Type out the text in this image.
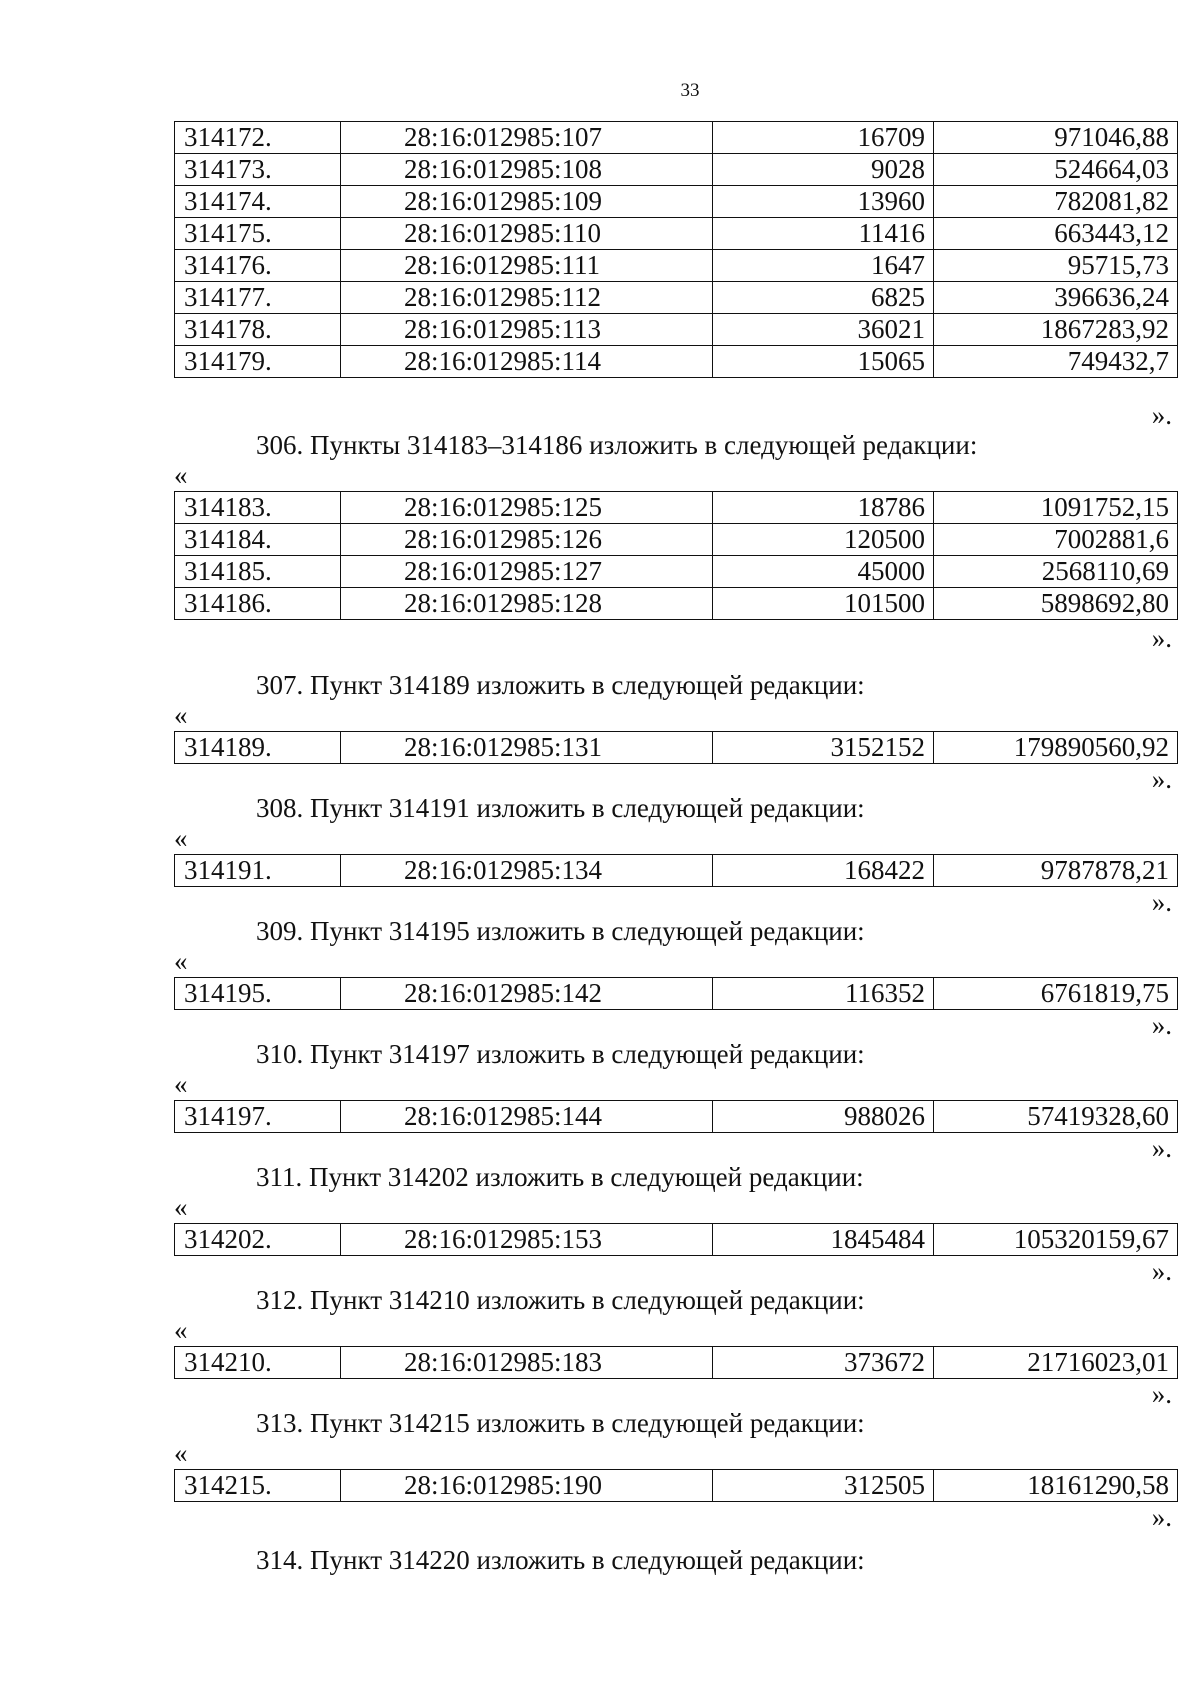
33
314172.	28:16:012985:107	16709	971046,88
314173.	28:16:012985:108	9028	524664,03
314174.	28:16:012985:109	13960	782081,82
314175.	28:16:012985:110	11416	663443,12
314176.	28:16:012985:111	1647	95715,73
314177.	28:16:012985:112	6825	396636,24
314178.	28:16:012985:113	36021	1867283,92
314179.	28:16:012985:114	15065	749432,7
».
306. Пункты 314183–314186 изложить в следующей редакции:
«
314183.	28:16:012985:125	18786	1091752,15
314184.	28:16:012985:126	120500	7002881,6
314185.	28:16:012985:127	45000	2568110,69
314186.	28:16:012985:128	101500	5898692,80
».
307. Пункт 314189 изложить в следующей редакции:
«
314189.	28:16:012985:131	3152152	179890560,92
».
308. Пункт 314191 изложить в следующей редакции:
«
314191.	28:16:012985:134	168422	9787878,21
».
309. Пункт 314195 изложить в следующей редакции:
«
314195.	28:16:012985:142	116352	6761819,75
».
310. Пункт 314197 изложить в следующей редакции:
«
314197.	28:16:012985:144	988026	57419328,60
».
311. Пункт 314202 изложить в следующей редакции:
«
314202.	28:16:012985:153	1845484	105320159,67
».
312. Пункт 314210 изложить в следующей редакции:
«
314210.	28:16:012985:183	373672	21716023,01
».
313. Пункт 314215 изложить в следующей редакции:
«
314215.	28:16:012985:190	312505	18161290,58
».
314. Пункт 314220 изложить в следующей редакции:
